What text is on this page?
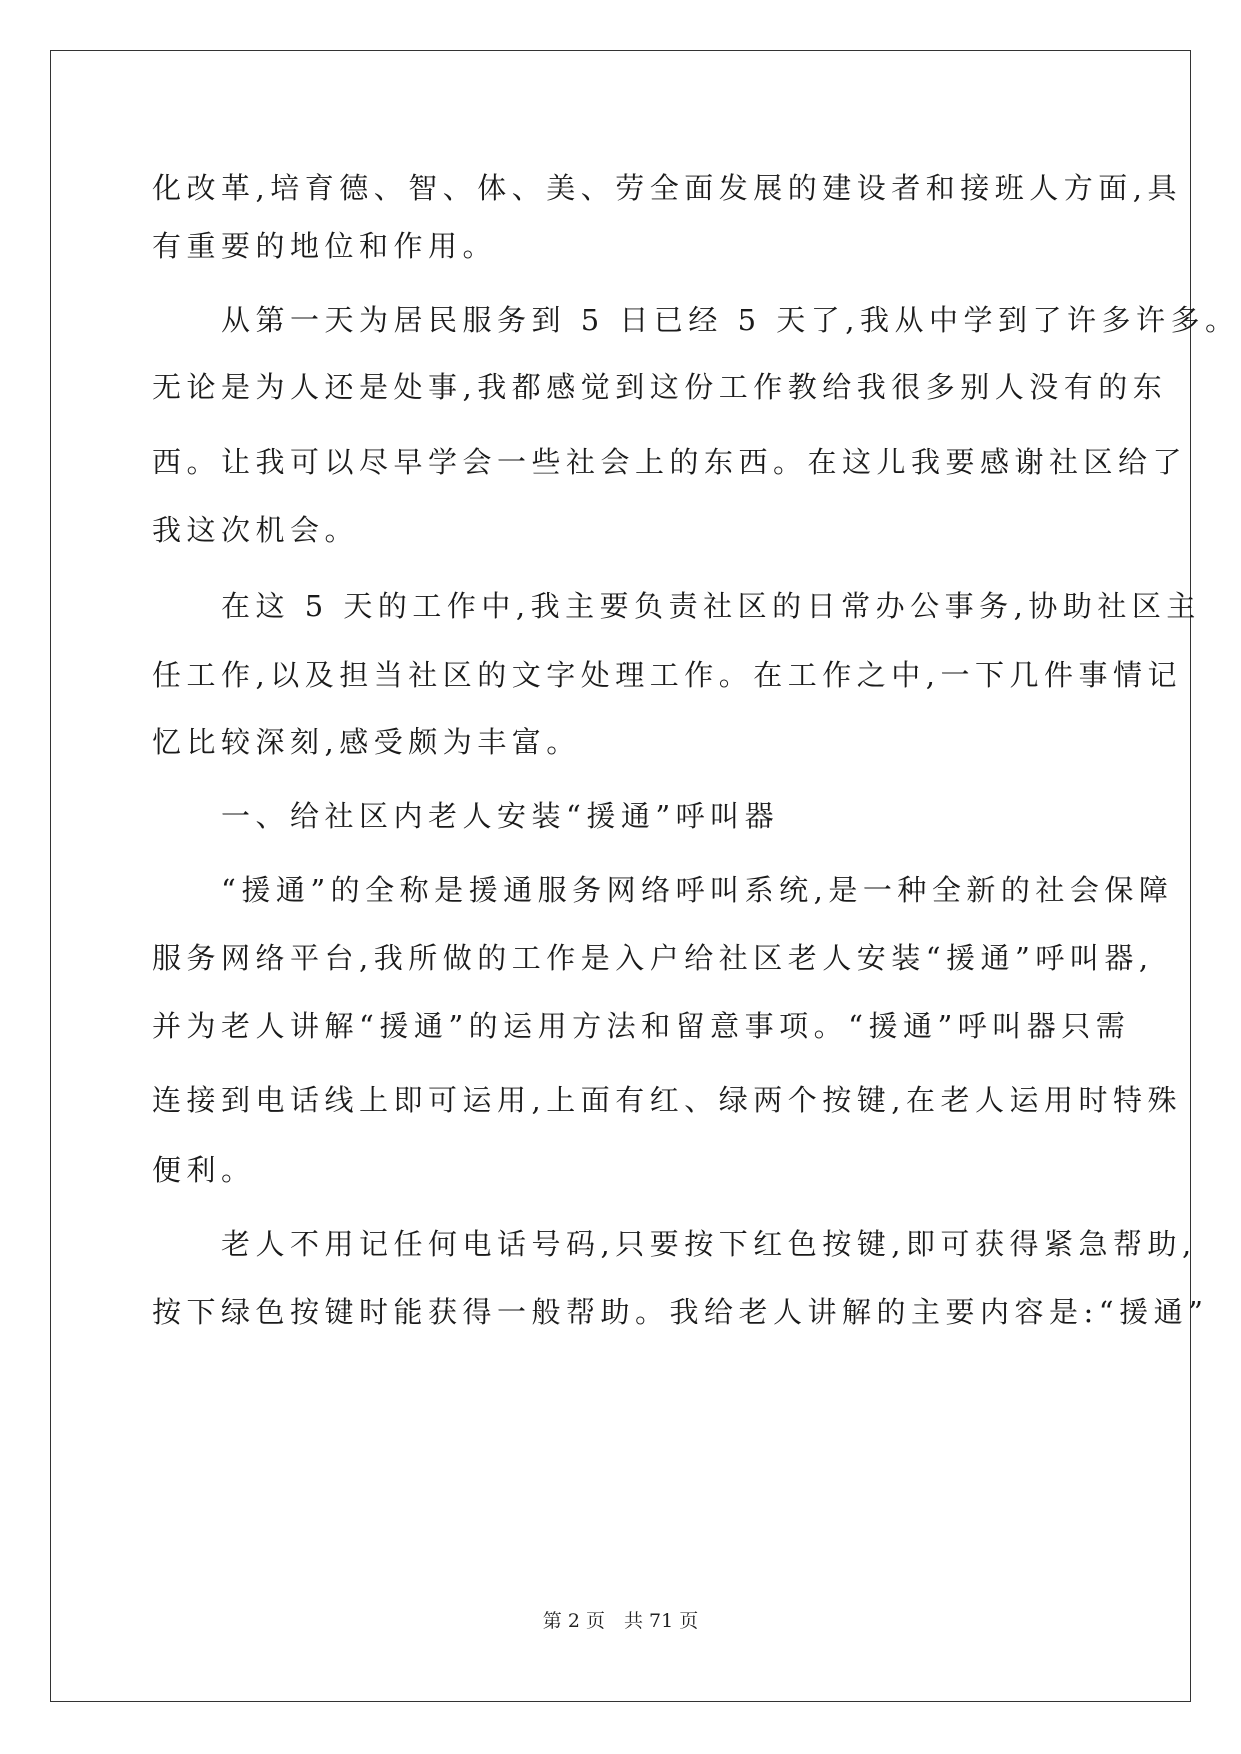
化改革,培育德、智、体、美、劳全面发展的建设者和接班人方面,具
有重要的地位和作用。
　　从第一天为居民服务到 5 日已经 5 天了,我从中学到了许多许多。
无论是为人还是处事,我都感觉到这份工作教给我很多别人没有的东
西。让我可以尽早学会一些社会上的东西。在这儿我要感谢社区给了
我这次机会。
　　在这 5 天的工作中,我主要负责社区的日常办公事务,协助社区主
任工作,以及担当社区的文字处理工作。在工作之中,一下几件事情记
忆比较深刻,感受颇为丰富。
　　一、给社区内老人安装“援通”呼叫器
　　“援通”的全称是援通服务网络呼叫系统,是一种全新的社会保障
服务网络平台,我所做的工作是入户给社区老人安装“援通”呼叫器,
并为老人讲解“援通”的运用方法和留意事项。“援通”呼叫器只需
连接到电话线上即可运用,上面有红、绿两个按键,在老人运用时特殊
便利。
　　老人不用记任何电话号码,只要按下红色按键,即可获得紧急帮助,
按下绿色按键时能获得一般帮助。我给老人讲解的主要内容是:“援通”
第 2 页　共 71 页
